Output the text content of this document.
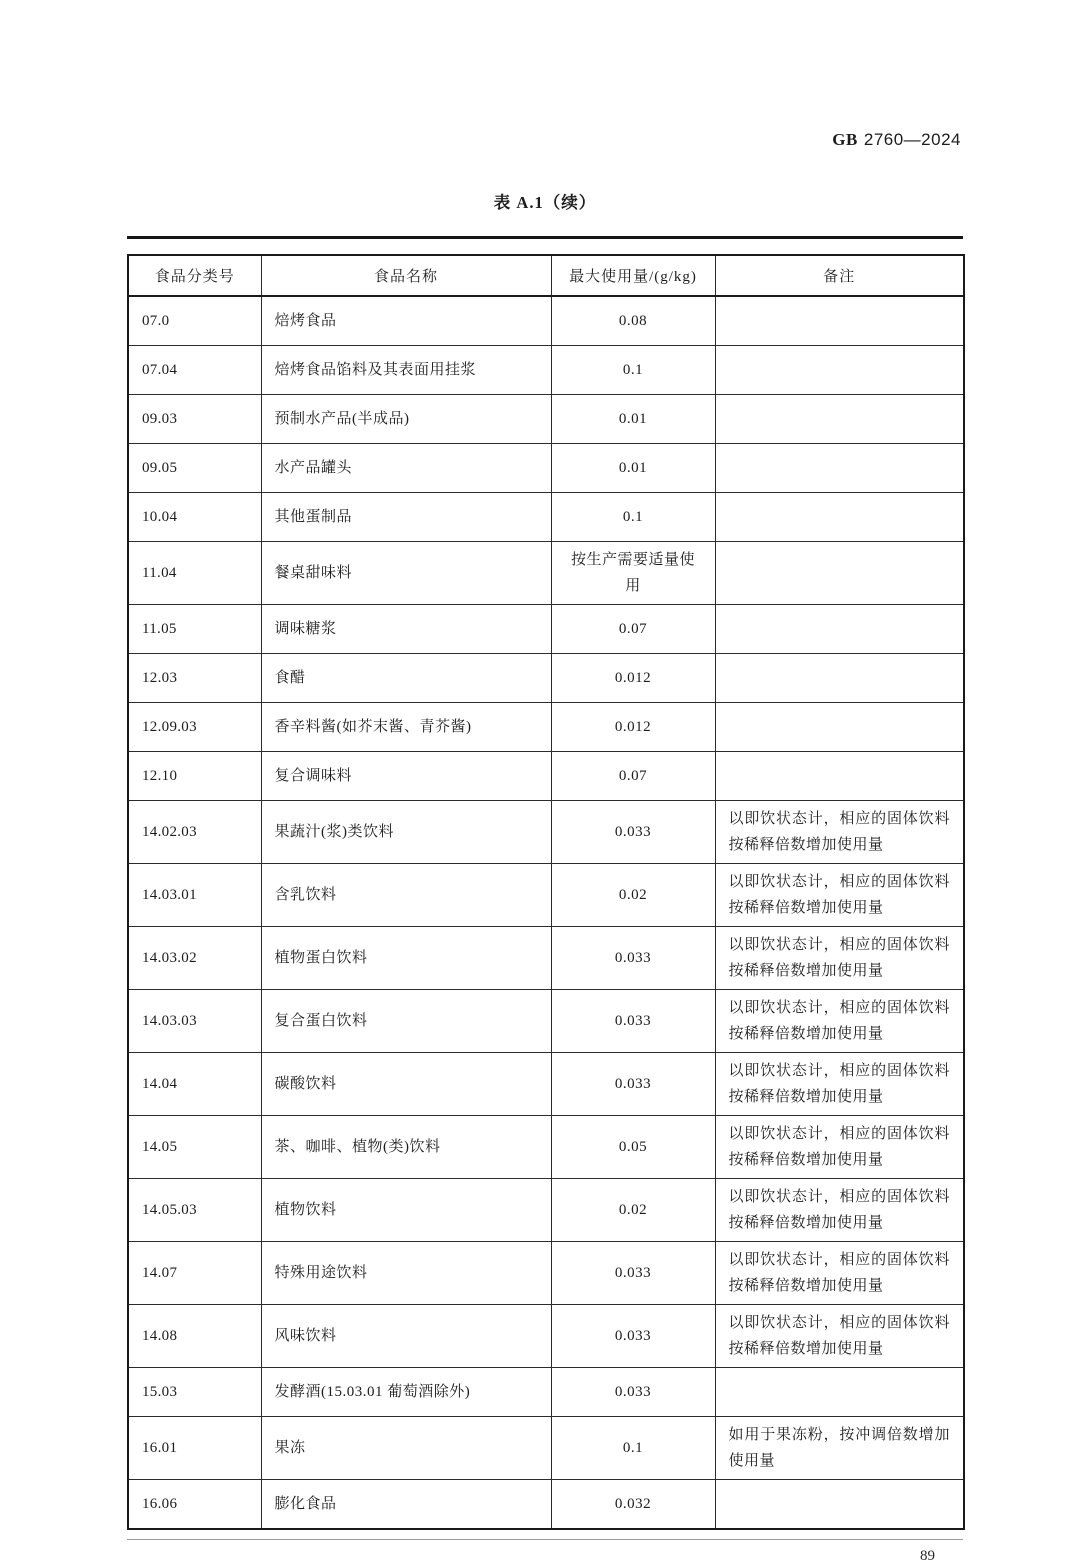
GB 2760—2024
表 A.1（续）
食品分类号	食品名称	最大使用量/(g/kg)	备注
07.0	焙烤食品	0.08	
07.04	焙烤食品馅料及其表面用挂浆	0.1	
09.03	预制水产品(半成品)	0.01	
09.05	水产品罐头	0.01	
10.04	其他蛋制品	0.1	
11.04	餐桌甜味料	按生产需要适量使用	
11.05	调味糖浆	0.07	
12.03	食醋	0.012	
12.09.03	香辛料酱(如芥末酱、青芥酱)	0.012	
12.10	复合调味料	0.07	
14.02.03	果蔬汁(浆)类饮料	0.033	以即饮状态计，相应的固体饮料按稀释倍数增加使用量
14.03.01	含乳饮料	0.02	以即饮状态计，相应的固体饮料按稀释倍数增加使用量
14.03.02	植物蛋白饮料	0.033	以即饮状态计，相应的固体饮料按稀释倍数增加使用量
14.03.03	复合蛋白饮料	0.033	以即饮状态计，相应的固体饮料按稀释倍数增加使用量
14.04	碳酸饮料	0.033	以即饮状态计，相应的固体饮料按稀释倍数增加使用量
14.05	茶、咖啡、植物(类)饮料	0.05	以即饮状态计，相应的固体饮料按稀释倍数增加使用量
14.05.03	植物饮料	0.02	以即饮状态计，相应的固体饮料按稀释倍数增加使用量
14.07	特殊用途饮料	0.033	以即饮状态计，相应的固体饮料按稀释倍数增加使用量
14.08	风味饮料	0.033	以即饮状态计，相应的固体饮料按稀释倍数增加使用量
15.03	发酵酒(15.03.01 葡萄酒除外)	0.033	
16.01	果冻	0.1	如用于果冻粉，按冲调倍数增加使用量
16.06	膨化食品	0.032	
89
